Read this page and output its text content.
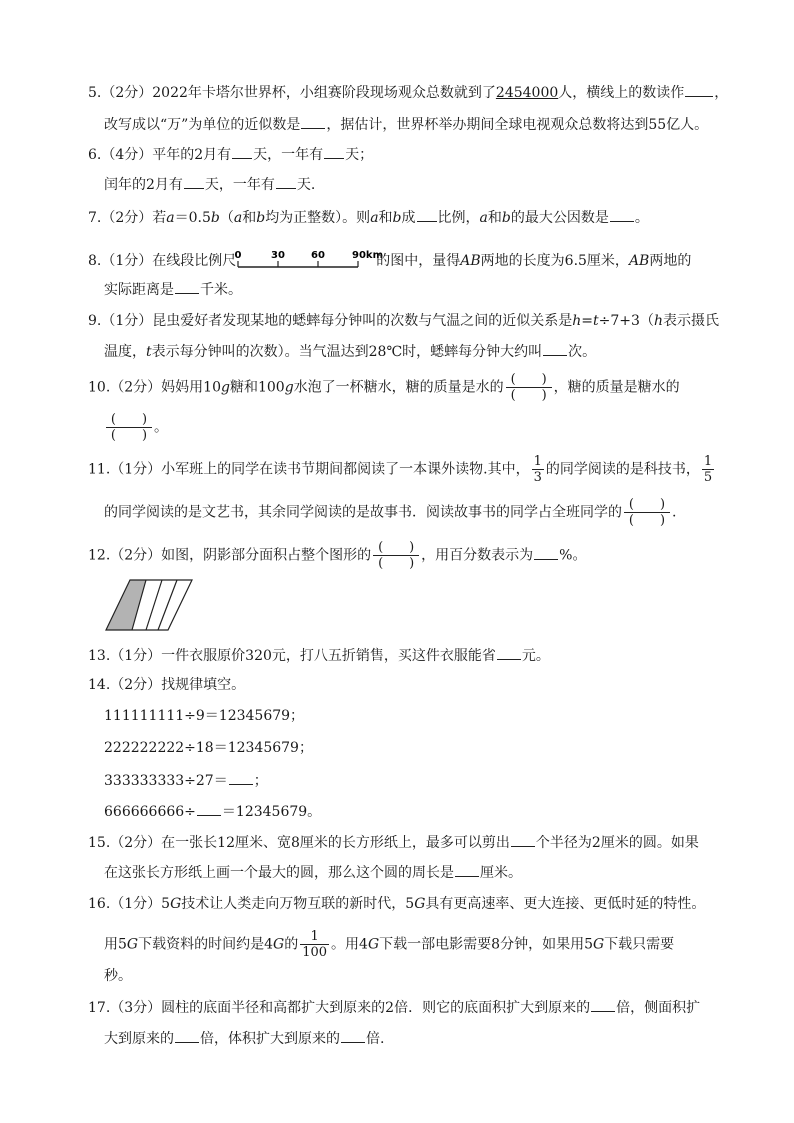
5.（2分）2022年卡塔尔世界杯，小组赛阶段现场观众总数就到了2454000人，横线上的数读作 ，
改写成以“万”为单位的近似数是 ，据估计，世界杯举办期间全球电视观众总数将达到55亿人。
6.（4分）平年的2月有 天，一年有 天；
闰年的2月有 天，一年有 天.
7.（2分）若a＝0.5b（a和b均为正整数）。则a和b成 比例，a和b的最大公因数是 。
8.（1分）在线段比例尺
0	30	60	90km
的图中，量得AB两地的长度为6.5厘米，AB两地的
实际距离是 千米。
9.（1分）昆虫爱好者发现某地的蟋蟀每分钟叫的次数与气温之间的近似关系是h=t÷7+3（h表示摄氏
温度，t表示每分钟叫的次数）。当气温达到28℃时，蟋蟀每分钟大约叫 次。
10.（2分）妈妈用10g糖和100g水泡了一杯糖水，糖的质量是水的 $\frac{( )}{( )}$ ，糖的质量是糖水的
$\frac{( )}{( )}$ 。
11.（1分）小军班上的同学在读书节期间都阅读了一本课外读物.其中， $\frac{1}{3}$ 的同学阅读的是科技书， $\frac{1}{5}$
的同学阅读的是文艺书，其余同学阅读的是故事书．阅读故事书的同学占全班同学的 $\frac{( )}{( )}$ .
12.（2分）如图，阴影部分面积占整个图形的 $\frac{( )}{( )}$ ，用百分数表示为 %。
13.（1分）一件衣服原价320元，打八五折销售，买这件衣服能省 元。
14.（2分）找规律填空。
111111111÷9＝12345679；
222222222÷18＝12345679；
333333333÷27＝ ；
666666666÷ ＝12345679。
15.（2分）在一张长12厘米、宽8厘米的长方形纸上，最多可以剪出 个半径为2厘米的圆。如果
在这张长方形纸上画一个最大的圆，那么这个圆的周长是 厘米。
16.（1分）5G技术让人类走向万物互联的新时代，5G具有更高速率、更大连接、更低时延的特性。
用5G下载资料的时间约是4G的 $\frac{1}{100}$ 。用4G下载一部电影需要8分钟，如果用5G下载只需要
秒。
17.（3分）圆柱的底面半径和高都扩大到原来的2倍．则它的底面积扩大到原来的 倍，侧面积扩
大到原来的 倍，体积扩大到原来的 倍.
